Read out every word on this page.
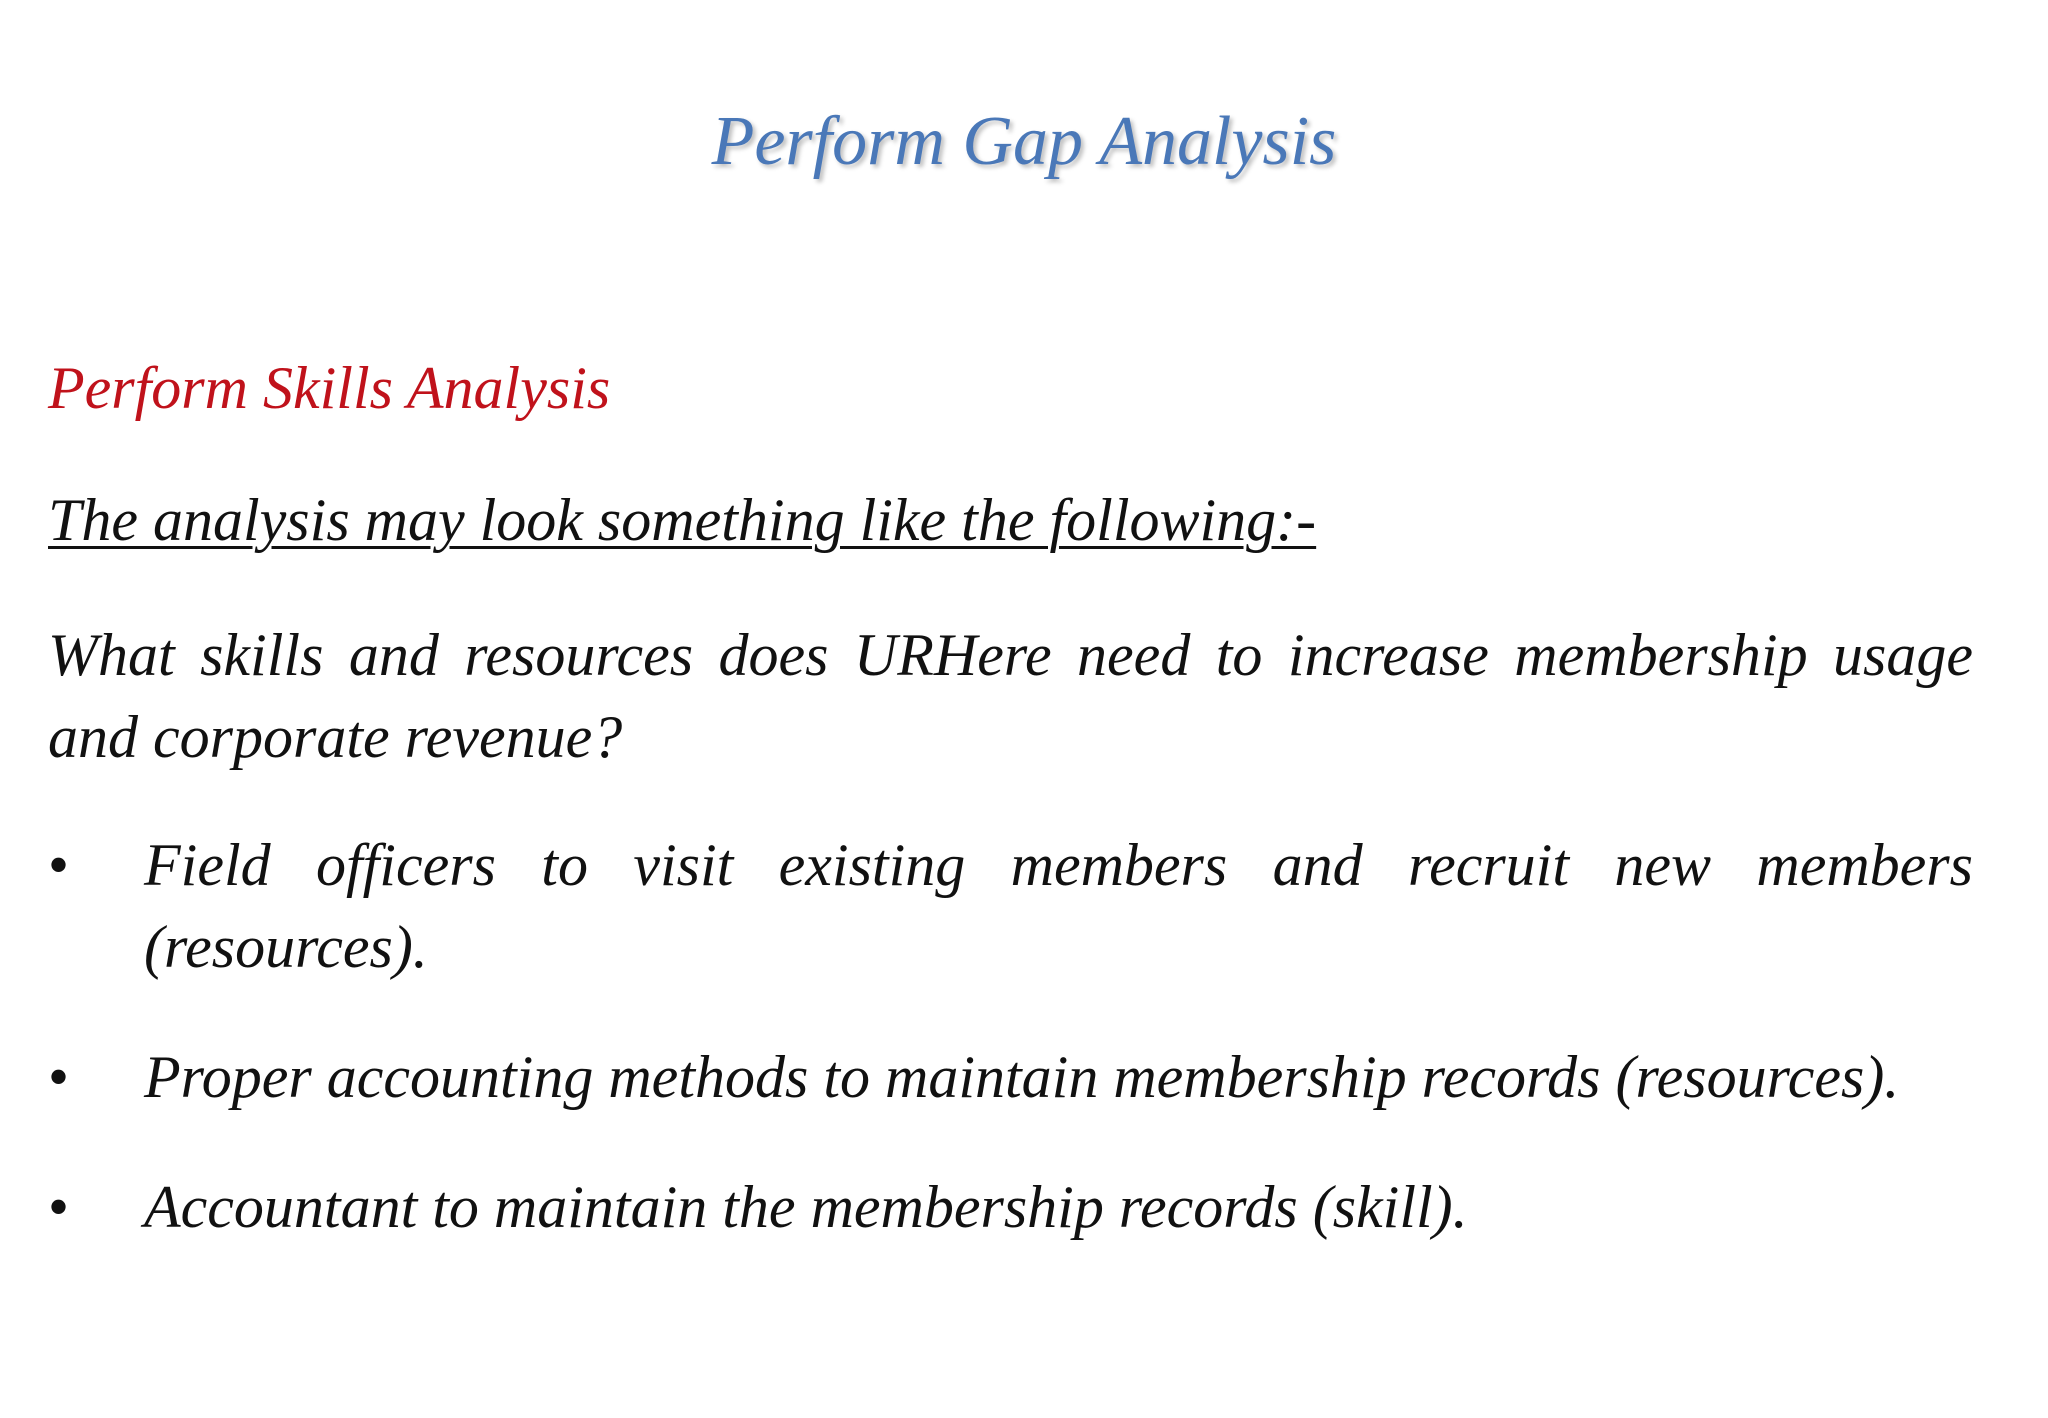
Perform Gap Analysis
Perform Skills Analysis
The analysis may look something like the following:-
What skills and resources does URHere need to increase membership usage and corporate revenue?
• Field officers to visit existing members and recruit new members (resources).
• Proper accounting methods to maintain membership records (resources).
• Accountant to maintain the membership records (skill).
